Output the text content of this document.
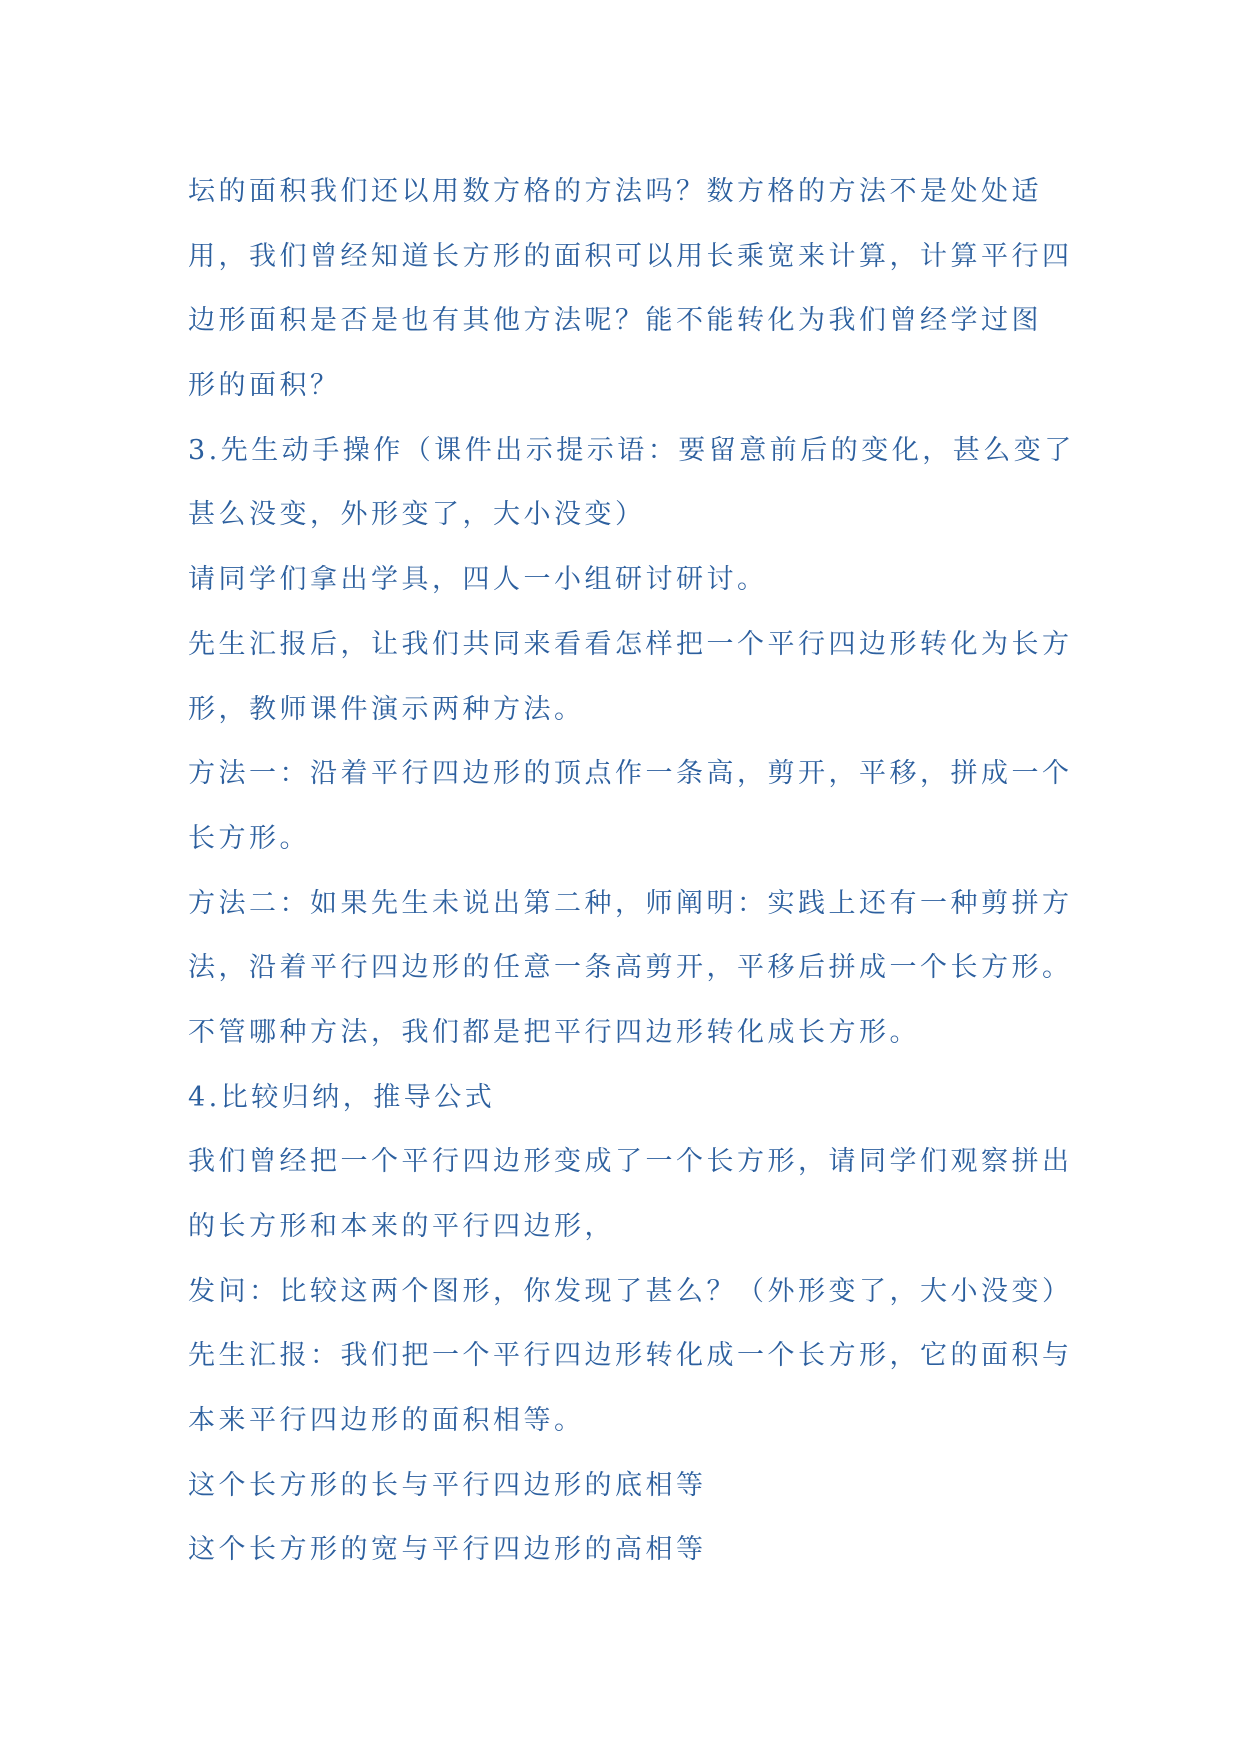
坛的面积我们还以用数方格的方法吗？数方格的方法不是处处适

用，我们曾经知道长方形的面积可以用长乘宽来计算，计算平行四

边形面积是否是也有其他方法呢？能不能转化为我们曾经学过图

形的面积？

3.先生动手操作（课件出示提示语：要留意前后的变化，甚么变了

甚么没变，外形变了，大小没变）

请同学们拿出学具，四人一小组研讨研讨。

先生汇报后，让我们共同来看看怎样把一个平行四边形转化为长方

形，教师课件演示两种方法。

方法一：沿着平行四边形的顶点作一条高，剪开，平移，拼成一个

长方形。

方法二：如果先生未说出第二种，师阐明：实践上还有一种剪拼方

法，沿着平行四边形的任意一条高剪开，平移后拼成一个长方形。

不管哪种方法，我们都是把平行四边形转化成长方形。

4.比较归纳，推导公式

我们曾经把一个平行四边形变成了一个长方形，请同学们观察拼出

的长方形和本来的平行四边形，

发问：比较这两个图形，你发现了甚么？（外形变了，大小没变）

先生汇报：我们把一个平行四边形转化成一个长方形，它的面积与

本来平行四边形的面积相等。

这个长方形的长与平行四边形的底相等

这个长方形的宽与平行四边形的高相等
